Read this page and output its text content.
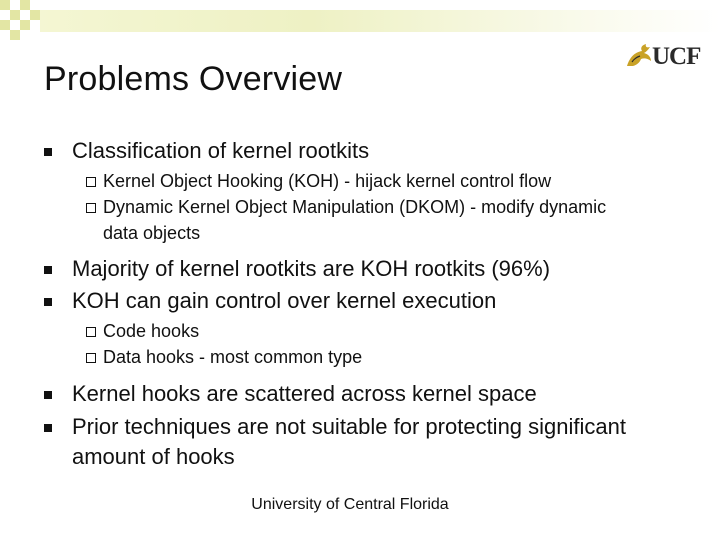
Problems Overview
UCF
Classification of kernel rootkits
Kernel Object Hooking (KOH) - hijack kernel control flow
Dynamic Kernel Object Manipulation (DKOM) - modify dynamic
data objects
Majority of kernel rootkits are KOH rootkits (96%)
KOH can gain control over kernel execution
Code hooks
Data hooks - most common type
Kernel hooks are scattered across kernel space
Prior techniques are not suitable for protecting significant
amount of hooks
University of Central Florida
